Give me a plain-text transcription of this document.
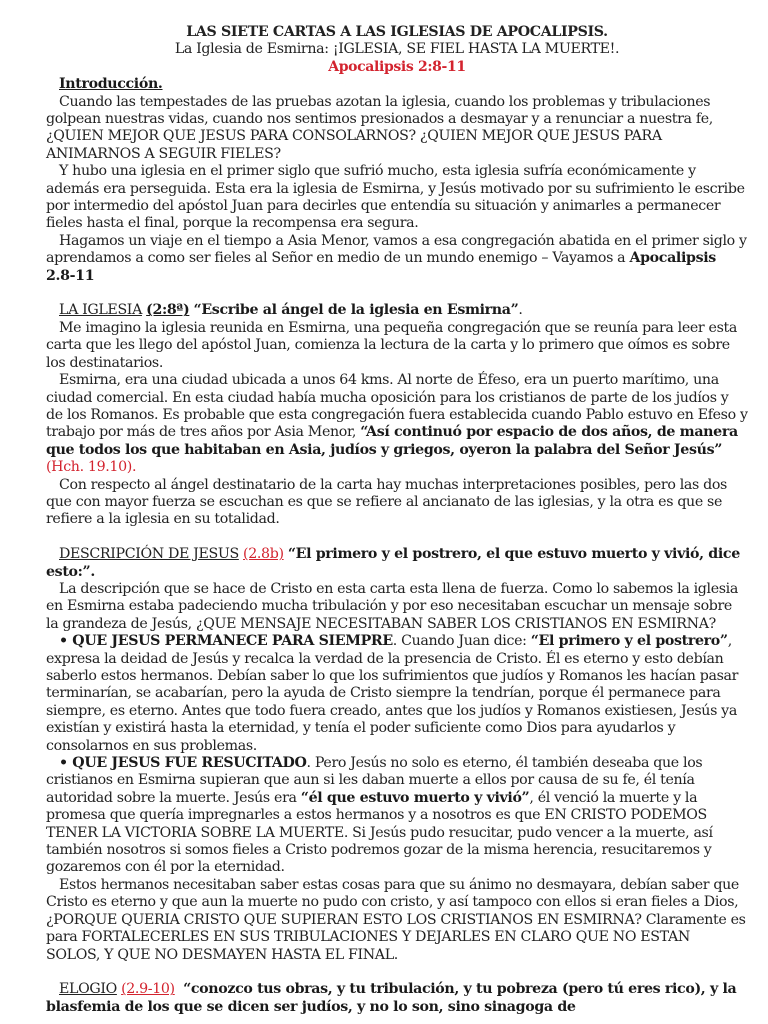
LAS SIETE CARTAS A LAS IGLESIAS DE APOCALIPSIS.

La Iglesia de Esmirna: ¡IGLESIA, SE FIEL HASTA LA MUERTE!.

Apocalipsis 2:8-11

Introducción.

Cuando las tempestades de las pruebas azotan la iglesia, cuando los problemas y tribulaciones golpean nuestras vidas, cuando nos sentimos presionados a desmayar y a renunciar a nuestra fe, ¿QUIEN MEJOR QUE JESUS PARA CONSOLARNOS? ¿QUIEN MEJOR QUE JESUS PARA ANIMARNOS A SEGUIR FIELES?

Y hubo una iglesia en el primer siglo que sufrió mucho, esta iglesia sufría económicamente y además era perseguida. Esta era la iglesia de Esmirna, y Jesús motivado por su sufrimiento le escribe por intermedio del apóstol Juan para decirles que entendía su situación y animarles a permanecer fieles hasta el final, porque la recompensa era segura.

Hagamos un viaje en el tiempo a Asia Menor, vamos a esa congregación abatida en el primer siglo y aprendamos a como ser fieles al Señor en medio de un mundo enemigo – Vayamos a Apocalipsis 2.8-11

LA IGLESIA (2:8ª) “Escribe al ángel de la iglesia en Esmirna”.

Me imagino la iglesia reunida en Esmirna, una pequeña congregación que se reunía para leer esta carta que les llego del apóstol Juan, comienza la lectura de la carta y lo primero que oímos es sobre los destinatarios.

Esmirna, era una ciudad ubicada a unos 64 kms. Al norte de Éfeso, era un puerto marítimo, una ciudad comercial. En esta ciudad había mucha oposición para los cristianos de parte de los judíos y de los Romanos. Es probable que esta congregación fuera establecida cuando Pablo estuvo en Efeso y trabajo por más de tres años por Asia Menor, “Así continuó por espacio de dos años, de manera que todos los que habitaban en Asia, judíos y griegos, oyeron la palabra del Señor Jesús” (Hch. 19.10).

Con respecto al ángel destinatario de la carta hay muchas interpretaciones posibles, pero las dos que con mayor fuerza se escuchan es que se refiere al ancianato de las iglesias, y la otra es que se refiere a la iglesia en su totalidad.

DESCRIPCIÓN DE JESUS (2.8b) “El primero y el postrero, el que estuvo muerto y vivió, dice esto:”.

La descripción que se hace de Cristo en esta carta esta llena de fuerza. Como lo sabemos la iglesia en Esmirna estaba padeciendo mucha tribulación y por eso necesitaban escuchar un mensaje sobre la grandeza de Jesús, ¿QUE MENSAJE NECESITABAN SABER LOS CRISTIANOS EN ESMIRNA?

• QUE JESUS PERMANECE PARA SIEMPRE. Cuando Juan dice: “El primero y el postrero”, expresa la deidad de Jesús y recalca la verdad de la presencia de Cristo. Él es eterno y esto debían saberlo estos hermanos. Debían saber lo que los sufrimientos que judíos y Romanos les hacían pasar terminarían, se acabarían, pero la ayuda de Cristo siempre la tendrían, porque él permanece para siempre, es eterno. Antes que todo fuera creado, antes que los judíos y Romanos existiesen, Jesús ya existían y existirá hasta la eternidad, y tenía el poder suficiente como Dios para ayudarlos y consolarnos en sus problemas.

• QUE JESUS FUE RESUCITADO. Pero Jesús no solo es eterno, él también deseaba que los cristianos en Esmirna supieran que aun si les daban muerte a ellos por causa de su fe, él tenía autoridad sobre la muerte. Jesús era “él que estuvo muerto y vivió”, él venció la muerte y la promesa que quería impregnarles a estos hermanos y a nosotros es que EN CRISTO PODEMOS TENER LA VICTORIA SOBRE LA MUERTE. Si Jesús pudo resucitar, pudo vencer a la muerte, así también nosotros si somos fieles a Cristo podremos gozar de la misma herencia, resucitaremos y gozaremos con él por la eternidad.

Estos hermanos necesitaban saber estas cosas para que su ánimo no desmayara, debían saber que Cristo es eterno y que aun la muerte no pudo con cristo, y así tampoco con ellos si eran fieles a Dios, ¿PORQUE QUERIA CRISTO QUE SUPIERAN ESTO LOS CRISTIANOS EN ESMIRNA? Claramente es para FORTALECERLES EN SUS TRIBULACIONES Y DEJARLES EN CLARO QUE NO ESTAN SOLOS, Y QUE NO DESMAYEN HASTA EL FINAL.

ELOGIO (2.9-10) “conozco tus obras, y tu tribulación, y tu pobreza (pero tú eres rico), y la blasfemia de los que se dicen ser judíos, y no lo son, sino sinagoga de
